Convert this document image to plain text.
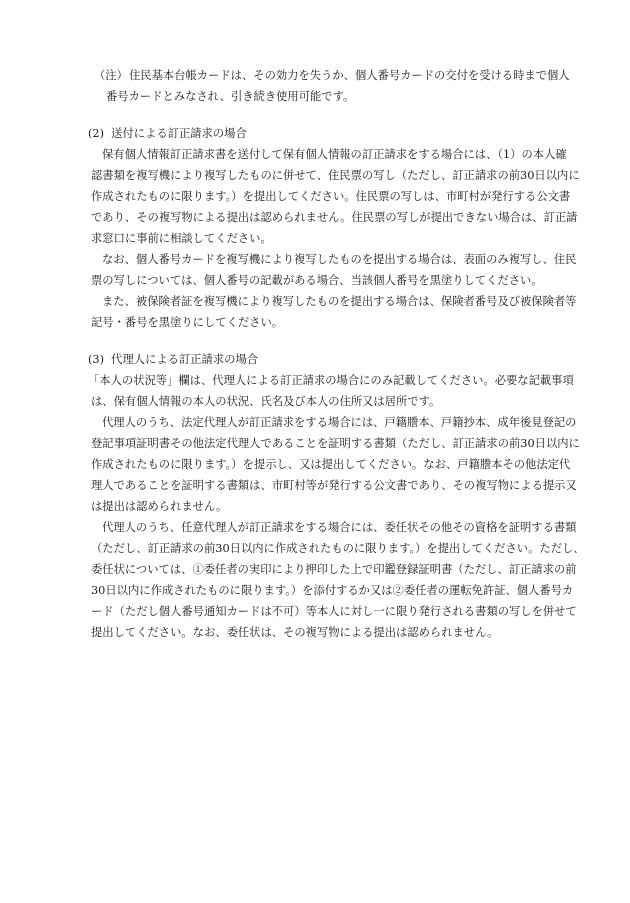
（注） 住民基本台帳カードは、その効力を失うか、個人番号カードの交付を受ける時まで個人
番号カードとみなされ、引き続き使用可能です。
(2)  送付による訂正請求の場合
保有個人情報訂正請求書を送付して保有個人情報の訂正請求をする場合には、（1）の本人確
認書類を複写機により複写したものに併せて、住民票の写し（ただし、訂正請求の前30日以内に
作成されたものに限ります。）を提出してください。住民票の写しは、市町村が発行する公文書
であり、その複写物による提出は認められません。住民票の写しが提出できない場合は、訂正請
求窓口に事前に相談してください。
なお、個人番号カードを複写機により複写したものを提出する場合は、表面のみ複写し、住民
票の写しについては、個人番号の記載がある場合、当該個人番号を黒塗りしてください。
また、被保険者証を複写機により複写したものを提出する場合は、保険者番号及び被保険者等
記号・番号を黒塗りにしてください。
(3)  代理人による訂正請求の場合
「本人の状況等」欄は、代理人による訂正請求の場合にのみ記載してください。必要な記載事項
は、保有個人情報の本人の状況、氏名及び本人の住所又は居所です。
代理人のうち、法定代理人が訂正請求をする場合には、戸籍謄本、戸籍抄本、成年後見登記の
登記事項証明書その他法定代理人であることを証明する書類（ただし、訂正請求の前30日以内に
作成されたものに限ります。）を提示し、又は提出してください。なお、戸籍謄本その他法定代
理人であることを証明する書類は、市町村等が発行する公文書であり、その複写物による提示又
は提出は認められません。
代理人のうち、任意代理人が訂正請求をする場合には、委任状その他その資格を証明する書類
（ただし、訂正請求の前30日以内に作成されたものに限ります。）を提出してください。ただし、
委任状については、①委任者の実印により押印した上で印鑑登録証明書（ただし、訂正請求の前
30日以内に作成されたものに限ります。）を添付するか又は②委任者の運転免許証、個人番号カ
ード（ただし個人番号通知カードは不可）等本人に対し一に限り発行される書類の写しを併せて
提出してください。なお、委任状は、その複写物による提出は認められません。
